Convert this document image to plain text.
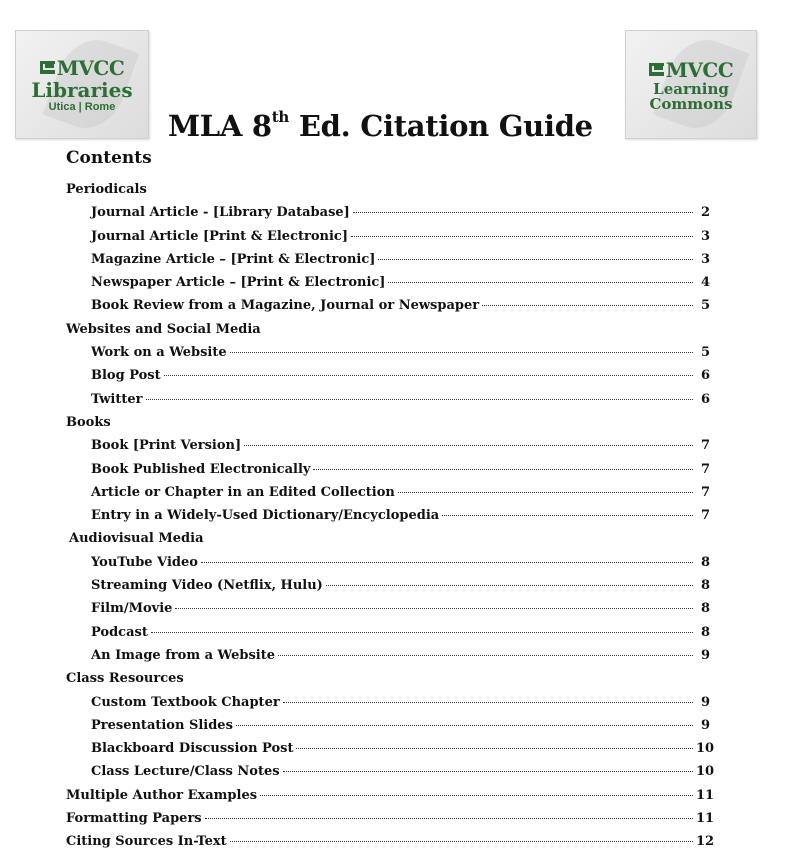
MVCC
Libraries
Utica | Rome
MVCC
Learning
Commons
MLA 8th Ed. Citation Guide
Contents
Periodicals
Journal Article - [Library Database]	2
Journal Article [Print & Electronic]	3
Magazine Article – [Print & Electronic]	3
Newspaper Article – [Print & Electronic]	4
Book Review from a Magazine, Journal or Newspaper	5
Websites and Social Media
Work on a Website	5
Blog Post	6
Twitter	6
Books
Book [Print Version]	7
Book Published Electronically	7
Article or Chapter in an Edited Collection	7
Entry in a Widely-Used Dictionary/Encyclopedia	7
Audiovisual Media
YouTube Video	8
Streaming Video (Netflix, Hulu)	8
Film/Movie	8
Podcast	8
An Image from a Website	9
Class Resources
Custom Textbook Chapter	9
Presentation Slides	9
Blackboard Discussion Post	10
Class Lecture/Class Notes	10
Multiple Author Examples	11
Formatting Papers	11
Citing Sources In-Text	12
